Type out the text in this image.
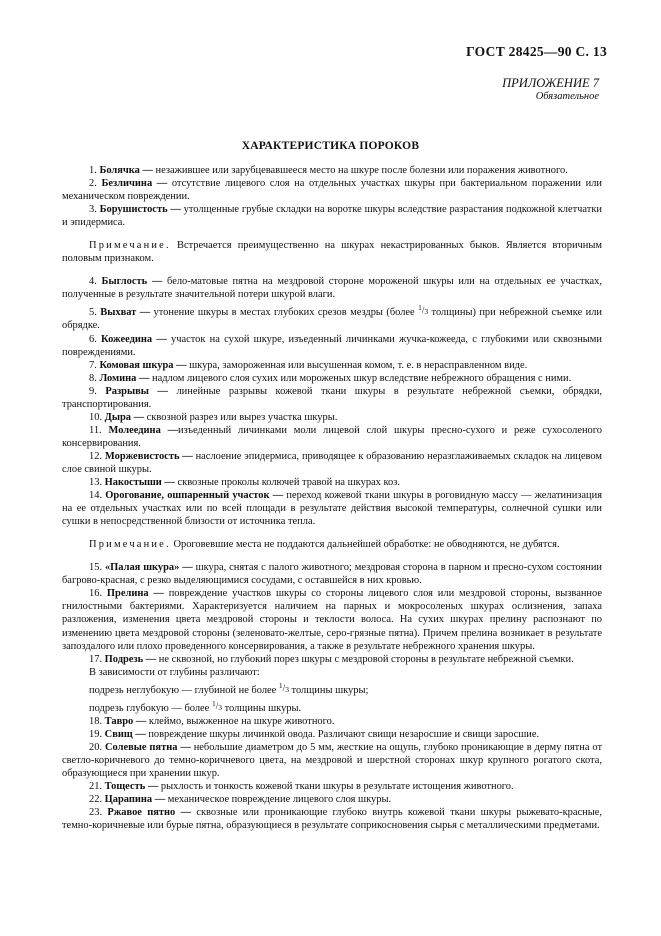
ГОСТ 28425—90 С. 13
ПРИЛОЖЕНИЕ 7
Обязательное
ХАРАКТЕРИСТИКА ПОРОКОВ

1. Болячка — незажившее или зарубцевавшееся место на шкуре после болезни или поражения животного.

2. Безличина — отсутствие лицевого слоя на отдельных участках шкуры при бактериальном поражении или механическом повреждении.

3. Борушистость — утолщенные грубые складки на воротке шкуры вследствие разрастания подкожной клетчатки и эпидермиса.

Примечание. Встречается преимущественно на шкурах некастрированных быков. Является вторичным половым признаком.

4. Быглость — бело-матовые пятна на мездровой стороне мороженой шкуры или на отдельных ее участках, полученные в результате значительной потери шкурой влаги.

5. Выхват — утонение шкуры в местах глубоких срезов мездры (более $^1/_3$ толщины) при небрежной съемке или обрядке.

6. Кожеедина — участок на сухой шкуре, изъеденный личинками жучка-кожееда, с глубокими или сквозными повреждениями.

7. Комовая шкура — шкура, замороженная или высушенная комом, т. е. в нерасправленном виде.

8. Ломина — надлом лицевого слоя сухих или мороженых шкур вследствие небрежного обращения с ними.

9. Разрывы — линейные разрывы кожевой ткани шкуры в результате небрежной съемки, обрядки, транспортирования.

10. Дыра — сквозной разрез или вырез участка шкуры.

11. Молеедина —изъеденный личинками моли лицевой слой шкуры пресно-сухого и реже сухосоленого консервирования.

12. Моржевистость — наслоение эпидермиса, приводящее к образованию неразглаживаемых складок на лицевом слое свиной шкуры.

13. Накостыши — сквозные проколы колючей травой на шкурах коз.

14. Орогование, ошпаренный участок — переход кожевой ткани шкуры в роговидную массу — желатинизация на ее отдельных участках или по всей площади в результате действия высокой температуры, солнечной сушки или сушки в непосредственной близости от источника тепла.

Примечание. Ороговевшие места не поддаются дальнейшей обработке: не обводняются, не дубятся.

15. «Палая шкура» — шкура, снятая с палого животного; мездровая сторона в парном и пресно-сухом состоянии багрово-красная, с резко выделяющимися сосудами, с оставшейся в них кровью.

16. Прелина — повреждение участков шкуры со стороны лицевого слоя или мездровой стороны, вызванное гнилостными бактериями. Характеризуется наличием на парных и мокросоленых шкурах ослизнения, запаха разложения, изменения цвета мездровой стороны и теклости волоса. На сухих шкурах прелину распознают по изменению цвета мездровой стороны (зеленовато-желтые, серо-грязные пятна). Причем прелина возникает в результате запоздалого или плохо проведенного консервирования, а также в результате небрежного хранения шкуры.

17. Подрезь — не сквозной, но глубокий порез шкуры с мездровой стороны в результате небрежной съемки.

В зависимости от глубины различают:

подрезь неглубокую — глубиной не более $^1/_3$ толщины шкуры;

подрезь глубокую — более $^1/_3$ толщины шкуры.

18. Тавро — клеймо, выжженное на шкуре животного.

19. Свищ — повреждение шкуры личинкой овода. Различают свищи незаросшие и свищи заросшие.

20. Солевые пятна — небольшие диаметром до 5 мм, жесткие на ощупь, глубоко проникающие в дерму пятна от светло-коричневого до темно-коричневого цвета, на мездровой и шерстной сторонах шкур крупного рогатого скота, образующиеся при хранении шкур.

21. Тощесть — рыхлость и тонкость кожевой ткани шкуры в результате истощения животного.

22. Царапина — механическое повреждение лицевого слоя шкуры.

23. Ржавое пятно — сквозные или проникающие глубоко внутрь кожевой ткани шкуры рыжевато-красные, темно-коричневые или бурые пятна, образующиеся в результате соприкосновения сырья с металлическими предметами.
